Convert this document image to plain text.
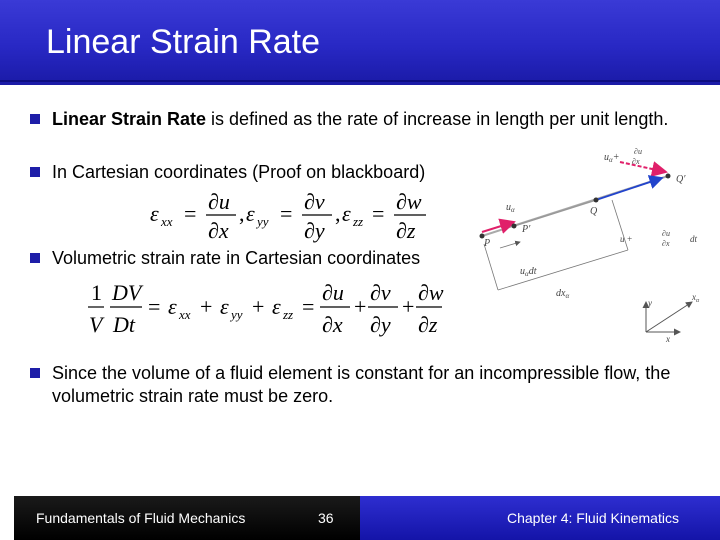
Linear Strain Rate
Linear Strain Rate is defined as the rate of increase in length per unit length.
In Cartesian coordinates (Proof on blackboard)
ε xx = ∂u
∂x
, ε yy = ∂v
∂y
, ε zz = ∂w
∂z
Volumetric strain rate in Cartesian coordinates
1
V
DV
Dt
= ε xx + ε yy + ε zz =
∂u
∂x
+
∂v
∂y
+
∂w
∂z
$u_\alpha$
P
P′
Q
Q′
$u_\alpha dt$
$dx_\alpha$
$u_\alpha+$
∂u
∂x
u +
∂u
∂x dt
y
x
$x_\alpha$
Since the volume of a fluid element is constant for an incompressible flow, the volumetric strain rate must be zero.
Fundamentals of Fluid Mechanics	36	Chapter 4: Fluid Kinematics
